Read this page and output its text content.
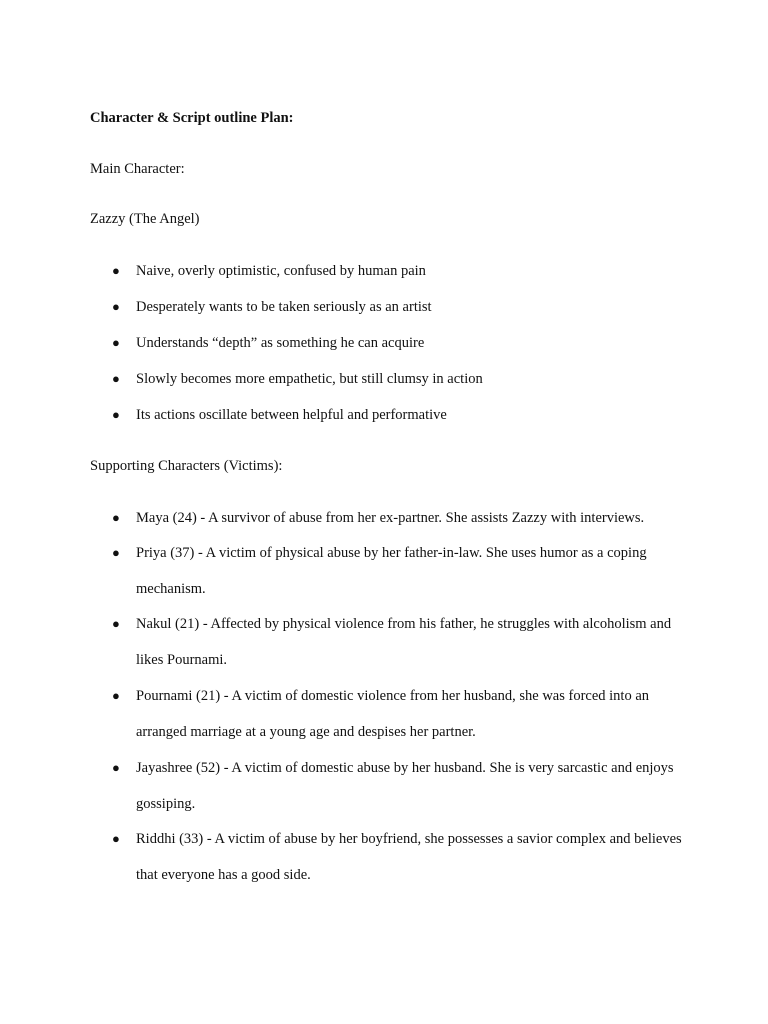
Character & Script outline Plan:
Main Character:
Zazzy (The Angel)
● Naive, overly optimistic, confused by human pain
● Desperately wants to be taken seriously as an artist
● Understands “depth” as something he can acquire
● Slowly becomes more empathetic, but still clumsy in action
● Its actions oscillate between helpful and performative
Supporting Characters (Victims):
● Maya (24) - A survivor of abuse from her ex-partner. She assists Zazzy with interviews.
● Priya (37) - A victim of physical abuse by her father-in-law. She uses humor as a coping mechanism.
● Nakul (21) - Affected by physical violence from his father, he struggles with alcoholism and likes Pournami.
● Pournami (21) - A victim of domestic violence from her husband, she was forced into an arranged marriage at a young age and despises her partner.
● Jayashree (52) - A victim of domestic abuse by her husband. She is very sarcastic and enjoys gossiping.
● Riddhi (33) - A victim of abuse by her boyfriend, she possesses a savior complex and believes that everyone has a good side.
